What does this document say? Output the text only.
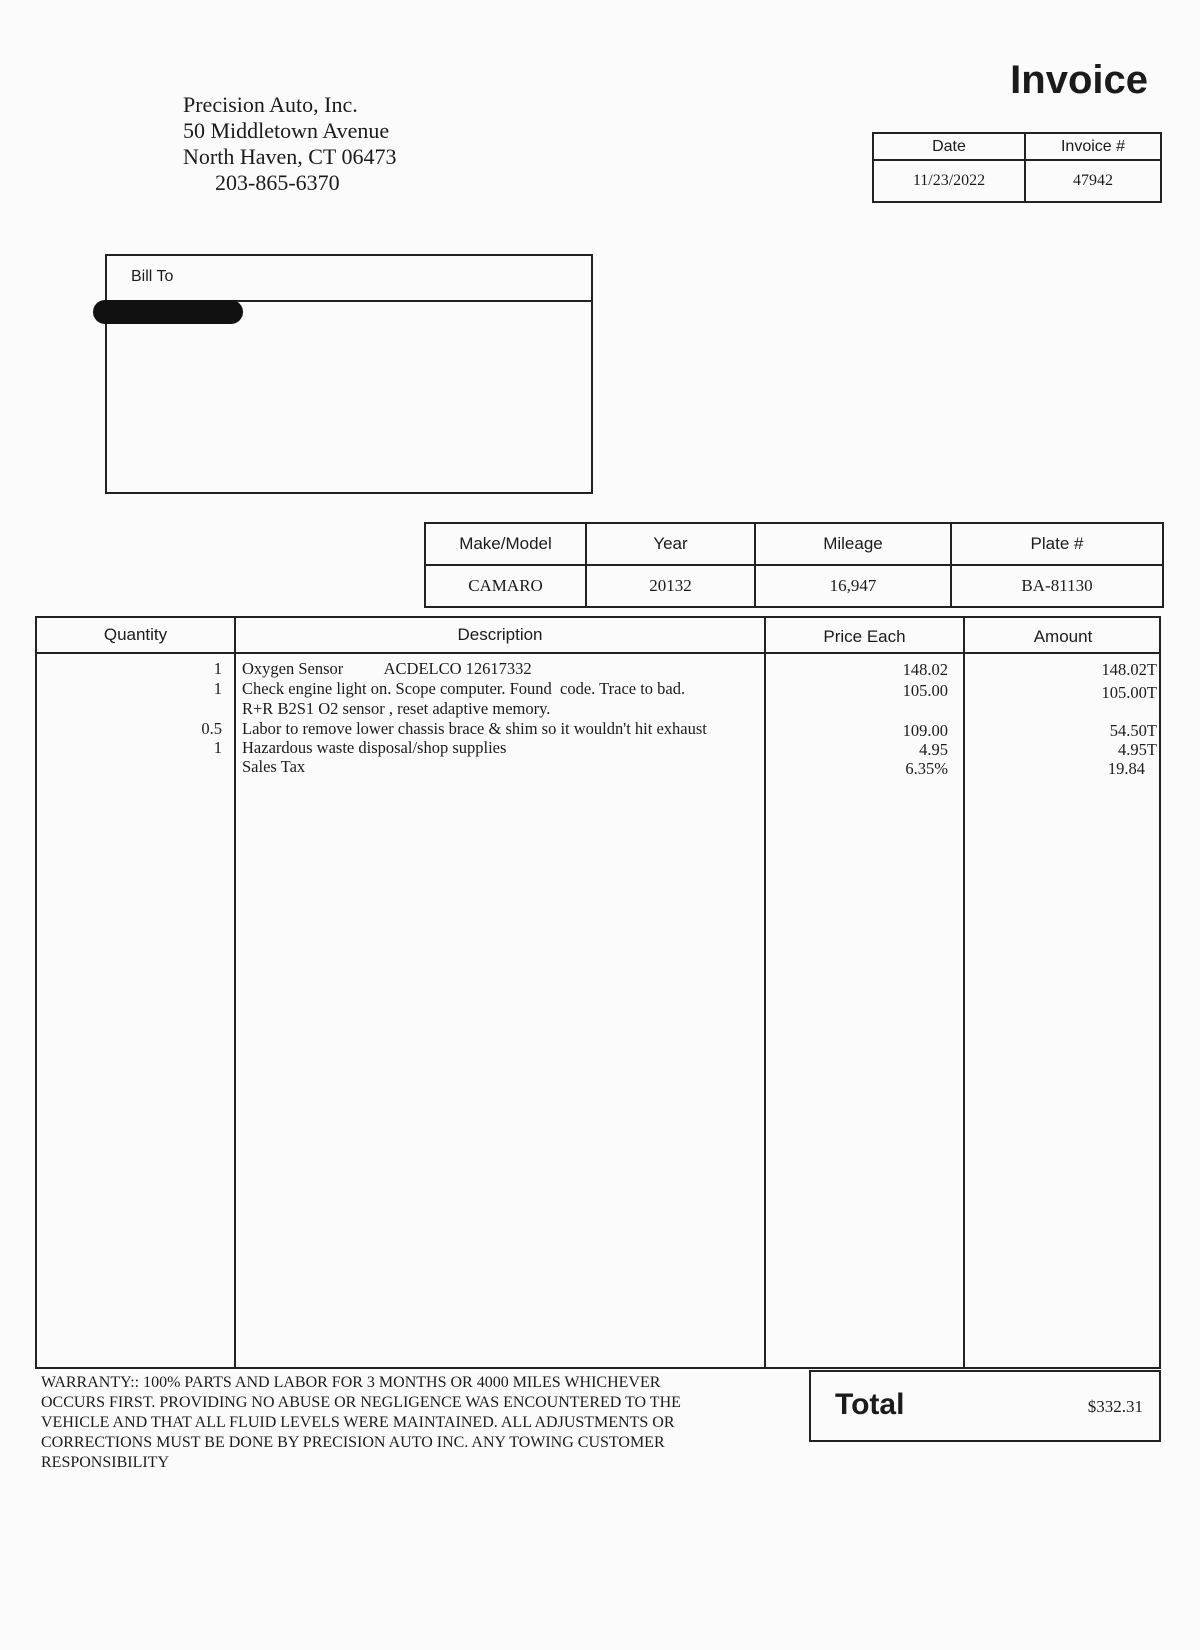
Precision Auto, Inc.
50 Middletown Avenue
North Haven, CT 06473
203-865-6370
Invoice
Date	Invoice #
11/23/2022	47942
Bill To
Make/Model	Year	Mileage	Plate #
CAMARO	20132	16,947	BA-81130
Quantity	Description	Price Each	Amount
1 Oxygen Sensor          ACDELCO 12617332	148.02	148.02T
1 Check engine light on. Scope computer. Found  code. Trace to bad.	105.00	105.00T
R+R B2S1 O2 sensor , reset adaptive memory.
0.5 Labor to remove lower chassis brace & shim so it wouldn't hit exhaust	109.00	54.50T
1 Hazardous waste disposal/shop supplies	4.95	4.95T
Sales Tax	6.35%	19.84
WARRANTY:: 100% PARTS AND LABOR FOR 3 MONTHS OR 4000 MILES WHICHEVER
OCCURS FIRST. PROVIDING NO ABUSE OR NEGLIGENCE WAS ENCOUNTERED TO THE
VEHICLE AND THAT ALL FLUID LEVELS WERE MAINTAINED. ALL ADJUSTMENTS OR
CORRECTIONS MUST BE DONE BY PRECISION AUTO INC. ANY TOWING CUSTOMER
RESPONSIBILITY
Total	$332.31
